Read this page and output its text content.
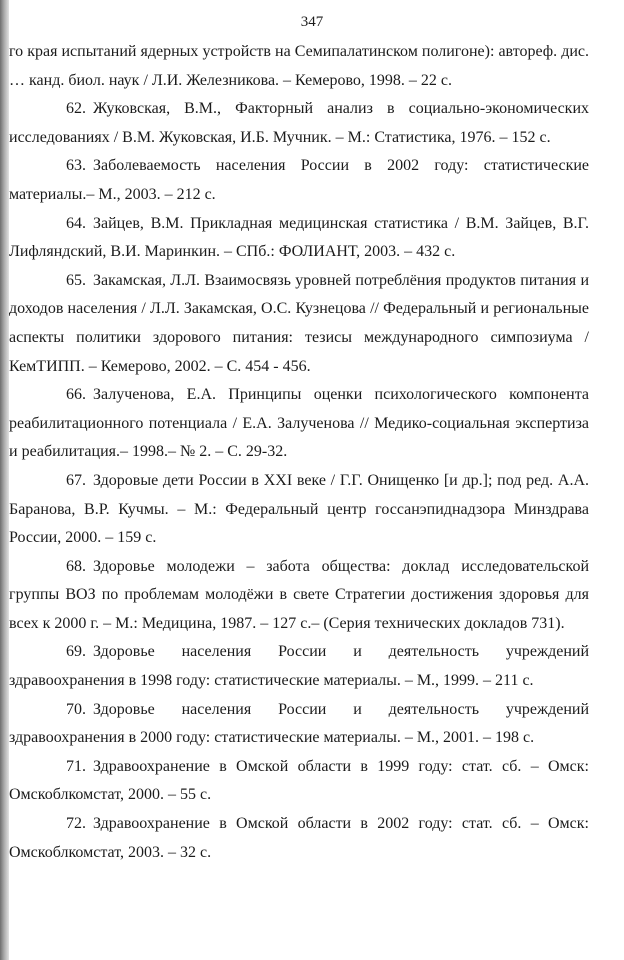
347

го края испытаний ядерных устройств на Семипалатинском полигоне): автореф. дис. … канд. биол. наук / Л.И. Железникова. – Кемерово, 1998. – 22 с.

62. Жуковская, В.М., Факторный анализ в социально-экономических исследованиях / В.М. Жуковская, И.Б. Мучник. – М.: Статистика, 1976. – 152 с.

63. Заболеваемость населения России в 2002 году: статистические материалы.– М., 2003. – 212 с.

64. Зайцев, В.М. Прикладная медицинская статистика / В.М. Зайцев, В.Г. Лифляндский, В.И. Маринкин. – СПб.: ФОЛИАНТ, 2003. – 432 с.

65. Закамская, Л.Л. Взаимосвязь уровней потреблёния продуктов питания и доходов населения / Л.Л. Закамская, О.С. Кузнецова // Федеральный и региональные аспекты политики здорового питания: тезисы международного симпозиума / КемТИПП. – Кемерово, 2002. – С. 454 - 456.

66. Залученова, Е.А. Принципы оценки психологического компонента реабилитационного потенциала / Е.А. Залученова // Медико-социальная экспертиза и реабилитация.– 1998.– № 2. – С. 29-32.

67. Здоровые дети России в XXI веке / Г.Г. Онищенко [и др.]; под ред. А.А. Баранова, В.Р. Кучмы. – М.: Федеральный центр госсанэпиднадзора Минздрава России, 2000. – 159 с.

68. Здоровье молодежи – забота общества: доклад исследовательской группы ВОЗ по проблемам молодёжи в свете Стратегии достижения здоровья для всех к 2000 г. – М.: Медицина, 1987. – 127 с.– (Серия технических докладов 731).

69. Здоровье населения России и деятельность учреждений здравоохранения в 1998 году: статистические материалы. – М., 1999. – 211 с.

70. Здоровье населения России и деятельность учреждений здравоохранения в 2000 году: статистические материалы. – М., 2001. – 198 с.

71. Здравоохранение в Омской области в 1999 году: стат. сб. – Омск: Омскоблкомстат, 2000. – 55 с.

72. Здравоохранение в Омской области в 2002 году: стат. сб. – Омск: Омскоблкомстат, 2003. – 32 с.
